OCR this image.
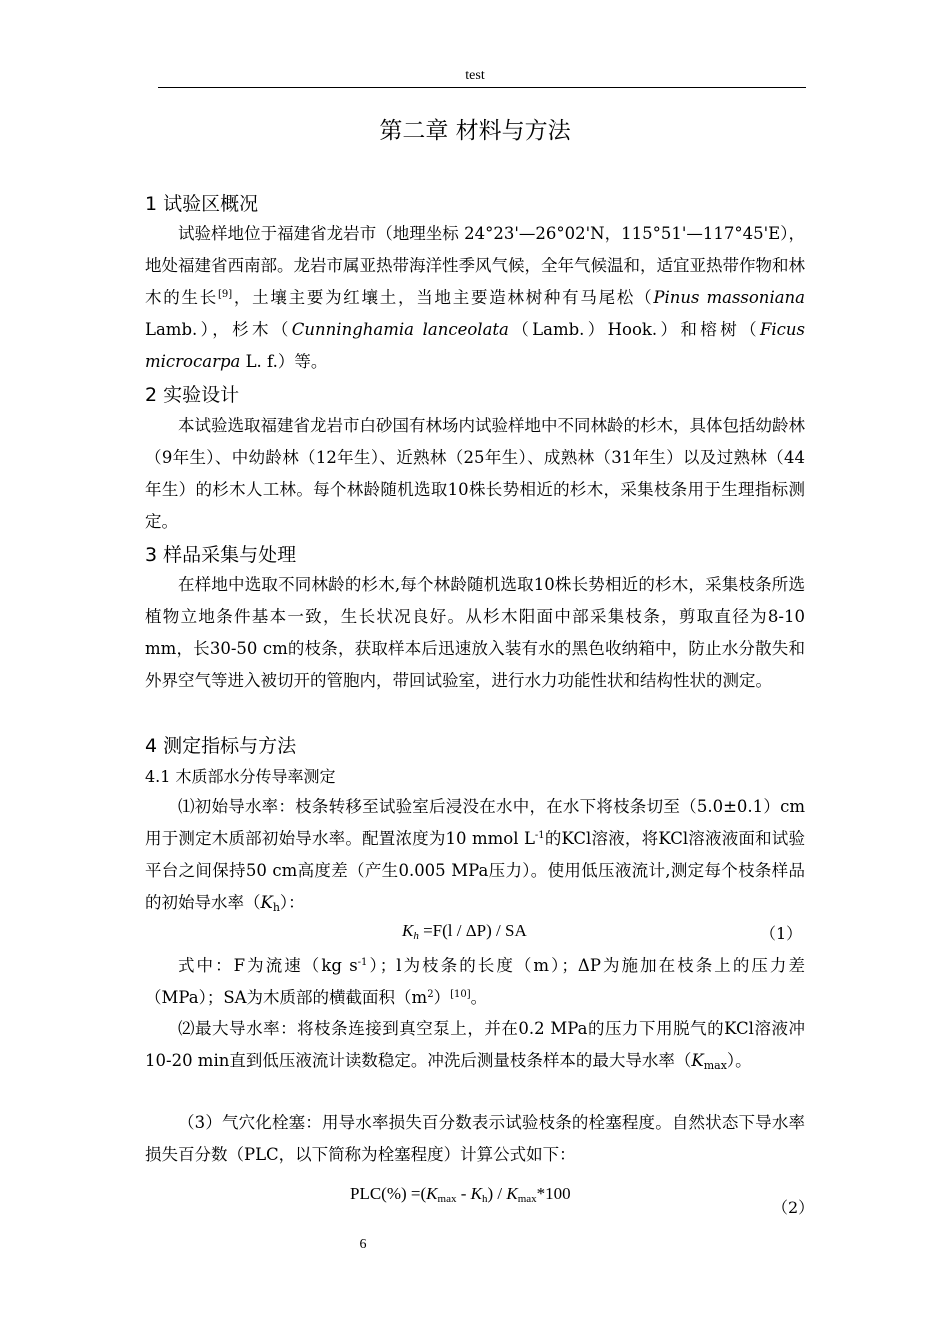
test
第二章 材料与方法
1 试验区概况

试验样地位于福建省龙岩市（地理坐标 24°23'—26°02'N，115°51'—117°45'E），地处福建省西南部。龙岩市属亚热带海洋性季风气候，全年气候温和，适宜亚热带作物和林木的生长[9]，土壤主要为红壤土，当地主要造林树种有马尾松（Pinus massoniana Lamb.），杉木（Cunninghamia lanceolata（Lamb.）Hook.）和榕树（Ficus microcarpa L. f.）等。

2 实验设计

本试验选取福建省龙岩市白砂国有林场内试验样地中不同林龄的杉木，具体包括幼龄林（9年生）、中幼龄林（12年生）、近熟林（25年生）、成熟林（31年生）以及过熟林（44年生）的杉木人工林。每个林龄随机选取10株长势相近的杉木，采集枝条用于生理指标测定。

3 样品采集与处理

在样地中选取不同林龄的杉木,每个林龄随机选取10株长势相近的杉木，采集枝条所选植物立地条件基本一致，生长状况良好。从杉木阳面中部采集枝条，剪取直径为8-10 mm，长30-50 cm的枝条，获取样本后迅速放入装有水的黑色收纳箱中，防止水分散失和外界空气等进入被切开的管胞内，带回试验室，进行水力功能性状和结构性状的测定。

4 测定指标与方法
4.1 木质部水分传导率测定

⑴初始导水率：枝条转移至试验室后浸没在水中，在水下将枝条切至（5.0±0.1）cm用于测定木质部初始导水率。配置浓度为10 mmol $L^{-1}$的KCl溶液，将KCl溶液液面和试验平台之间保持50 cm高度差（产生0.005 MPa压力）。使用低压液流计,测定每个枝条样品的初始导水率$(K_h)$：

$K_h =F(l / \Delta P)$ / SA	（1）

式中：F为流速（kg $s^{-1}$）；l为枝条的长度（m）；ΔP为施加在枝条上的压力差（MPa）；SA为木质部的横截面积$(m^2)[10]$。

⑵最大导水率：将枝条连接到真空泵上，并在0.2 MPa的压力下用脱气的KCl溶液冲10-20 min直到低压液流计读数稳定。冲洗后测量枝条样本的最大导水率$(K_{max})$。

（3）气穴化栓塞：用导水率损失百分数表示试验枝条的栓塞程度。自然状态下导水率损失百分数（PLC，以下简称为栓塞程度）计算公式如下：

$PLC(\%) =(K_{max} - K_h) / K_{max}*100$
（2）
6
